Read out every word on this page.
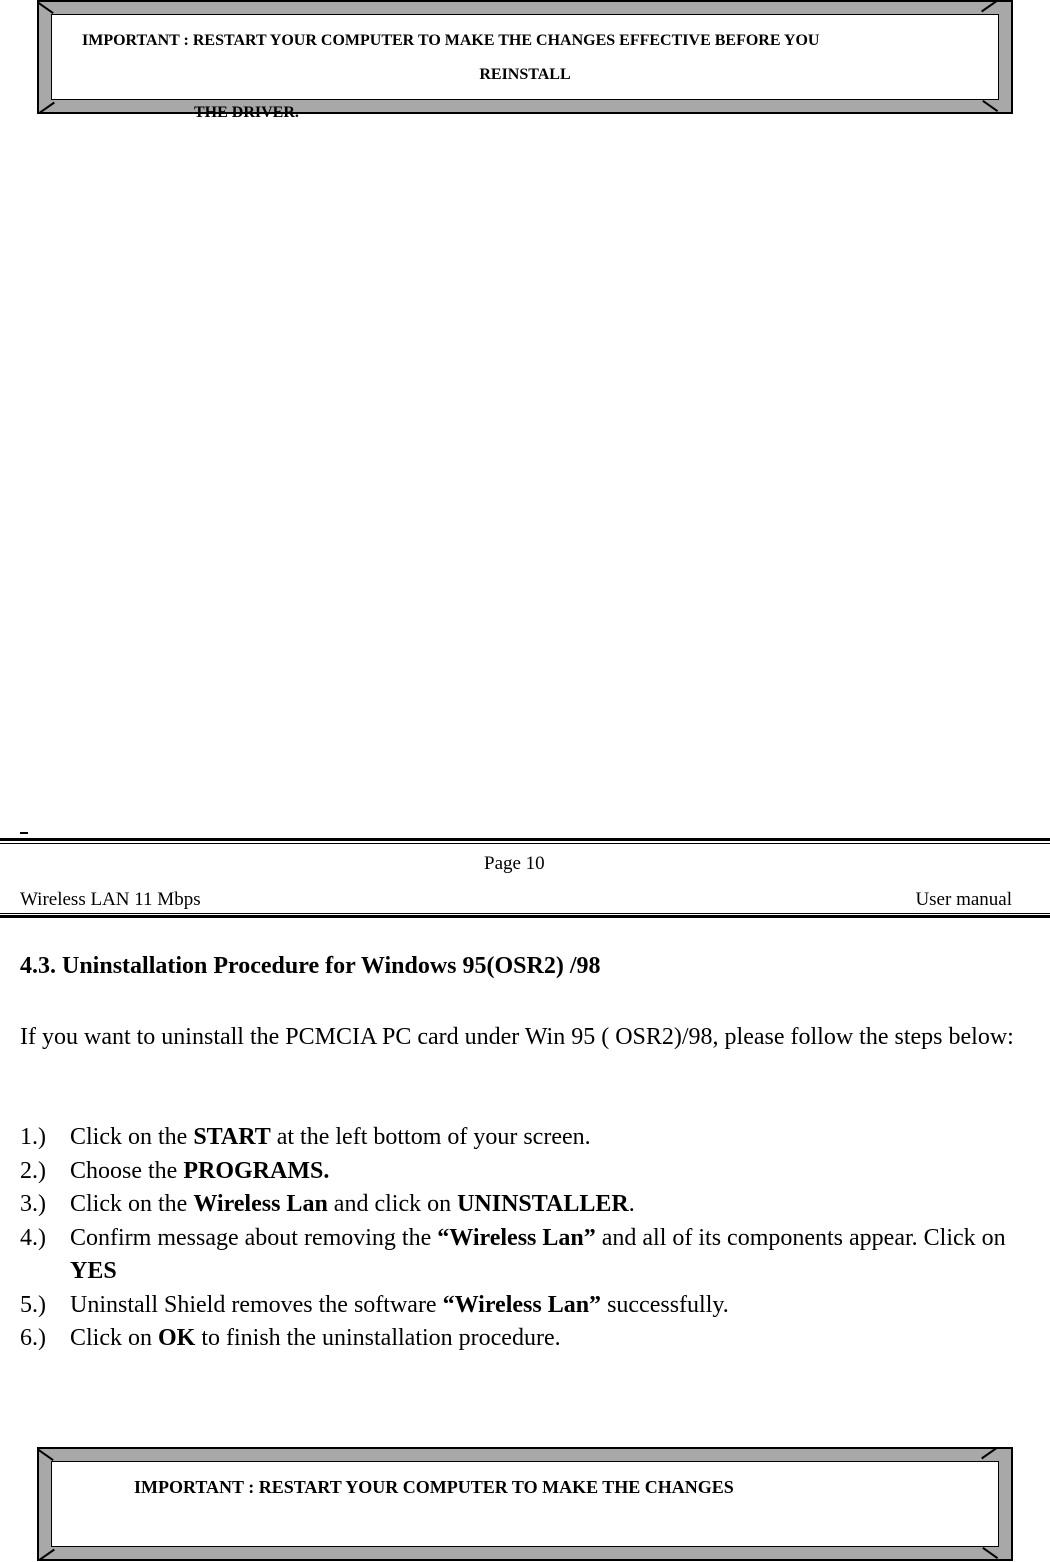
IMPORTANT : RESTART YOUR COMPUTER TO MAKE THE CHANGES EFFECTIVE BEFORE YOU
REINSTALL
THE DRIVER.
Page 10
Wireless LAN 11 Mbps	User manual
4.3. Uninstallation Procedure for Windows 95(OSR2) /98

If you want to uninstall the PCMCIA PC card under Win 95 ( OSR2)/98, please follow the steps below:

1.) Click on the START at the left bottom of your screen.
2.) Choose the PROGRAMS.
3.) Click on the Wireless Lan and click on UNINSTALLER.
4.) Confirm message about removing the “Wireless Lan” and all of its components appear. Click on YES
5.) Uninstall Shield removes the software “Wireless Lan” successfully.
6.) Click on OK to finish the uninstallation procedure.
IMPORTANT : RESTART YOUR COMPUTER TO MAKE THE CHANGES
